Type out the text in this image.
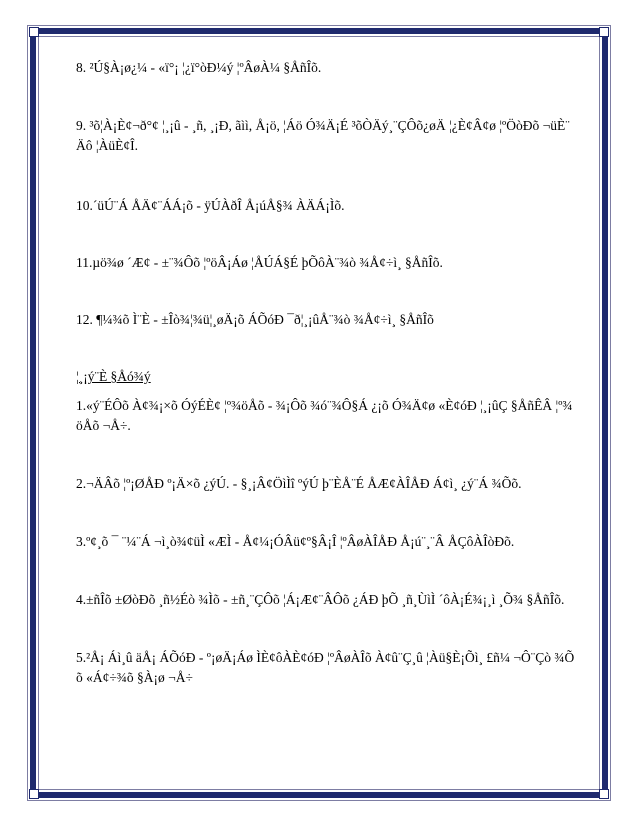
8. ²Ú§À¡ø¿¼ - «ï°¡ ¦¿ï°òÐ¼ý ¦ºÂøÀ¼ §ÅñÎõ.

9. ³õ¦À¡È¢¬ð°¢ ¦¸¡û - ¸ñ, ¸¡Ð, ãìì, Å¡ö, ¦Áö Ó¾Ä¡É ³õÒÄý¸¨ÇÔõ¿øÄ ¦¿È¢Â¢ø ¦ºÖòÐõ ¬üÈ¨Äô ¦ÀüÈ¢Î.

10.´üÚ¨Á ÅÄ¢¨ÁÁ¡õ - ÿÚÀðÎ Å¡úÅ§¾ ÀÄÁ¡Ìõ.

11.µö¾ø ´Æ¢ - ±¨¾Ôõ ¦ºöÂ¡Áø ¦ÅÚÁ§É þÕôÀ¨¾ò ¾Å¢÷ì¸ §ÅñÎõ.

12. ¶¼¾õ Ì¨È - ±Îò¾¦¾ü¦¸øÄ¡õ ÁÕóÐ ¯ð¦¸¡ûÅ¨¾ò ¾Å¢÷ì¸ §ÅñÎõ

¦¸¡ý¨È §Åó¾ý

1.«ý¨ÉÔõ À¢¾¡×õ ÓýÉÈ¢ ¦º¾öÅõ - ¾¡Ôõ ¾ó¨¾Ô§Á ¿¡õ Ó¾Ä¢ø «È¢óÐ ¦¸¡ûÇ §ÅñÊÂ ¦º¾öÅõ ¬Å÷.

2.¬ÄÂõ ¦º¡ØÅÐ º¡Ä×õ ¿ýÚ. - §¸¡Â¢ÖìÌî ºýÚ þ¨ÈÅ¨É ÅÆ¢ÀÎÅÐ Á¢ì¸ ¿ý¨Á ¾Õõ.

3.º¢¸õ ¯ ¨¼¨Á ¬ì¸ò¾¢üÌ «ÆÌ - Å¢¼¡ÓÂü¢º§Â¡Î ¦ºÂøÀÎÅÐ Å¡ú¨¸¨Â ÅÇôÀÎòÐõ.

4.±ñÎõ ±ØòÐõ ¸ñ½Éò ¾Ìõ - ±ñ¸¨ÇÔõ ¦Á¡Æ¢¨ÂÔõ ¿ÁÐ þÕ ¸ñ¸ÙìÌ ´ôÀ¡É¾¡¸ì ¸Õ¾ §ÅñÎõ.

5.²Å¡ Áì¸û äÅ¡ ÁÕóÐ - º¡øÄ¡Áø ÌÈ¢ôÀÈ¢óÐ ¦ºÂøÀÎõ À¢û¨Ç¸û ¦Àü§È¡Õì¸ £ñ¼ ¬Ô¨Çò ¾Õõ «Á¢÷¾õ §À¡ø ¬Å÷
